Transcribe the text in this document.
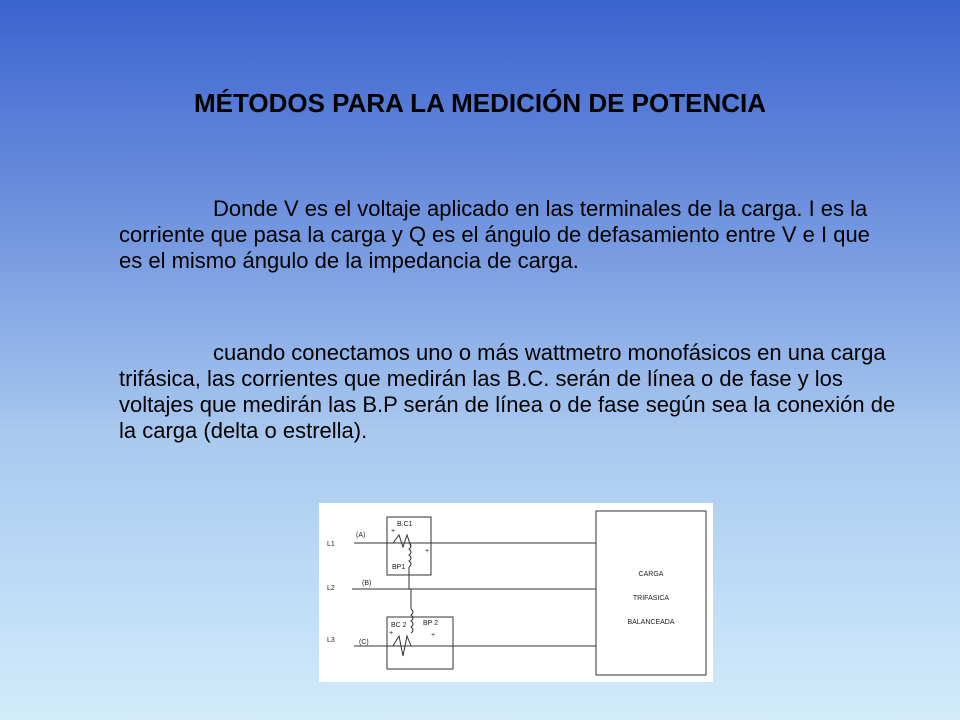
MÉTODOS PARA LA MEDICIÓN DE POTENCIA
Donde V es el voltaje aplicado en las terminales de la carga. I es la corriente que pasa la carga y Q es el ángulo de defasamiento entre V e I que es el mismo ángulo de la impedancia de carga.
cuando conectamos uno o más wattmetro monofásicos en una carga trifásica, las corrientes que medirán las B.C. serán de línea o de fase y los voltajes que medirán las B.P serán de línea o de fase según sea la conexión de la carga (delta o estrella).
L1
L2
L3
(A)
(B)
(C)
B.C1
BP1
+
+
BC 2 BP 2
+	+
CARGA
TRIFASICA
BALANCEADA
